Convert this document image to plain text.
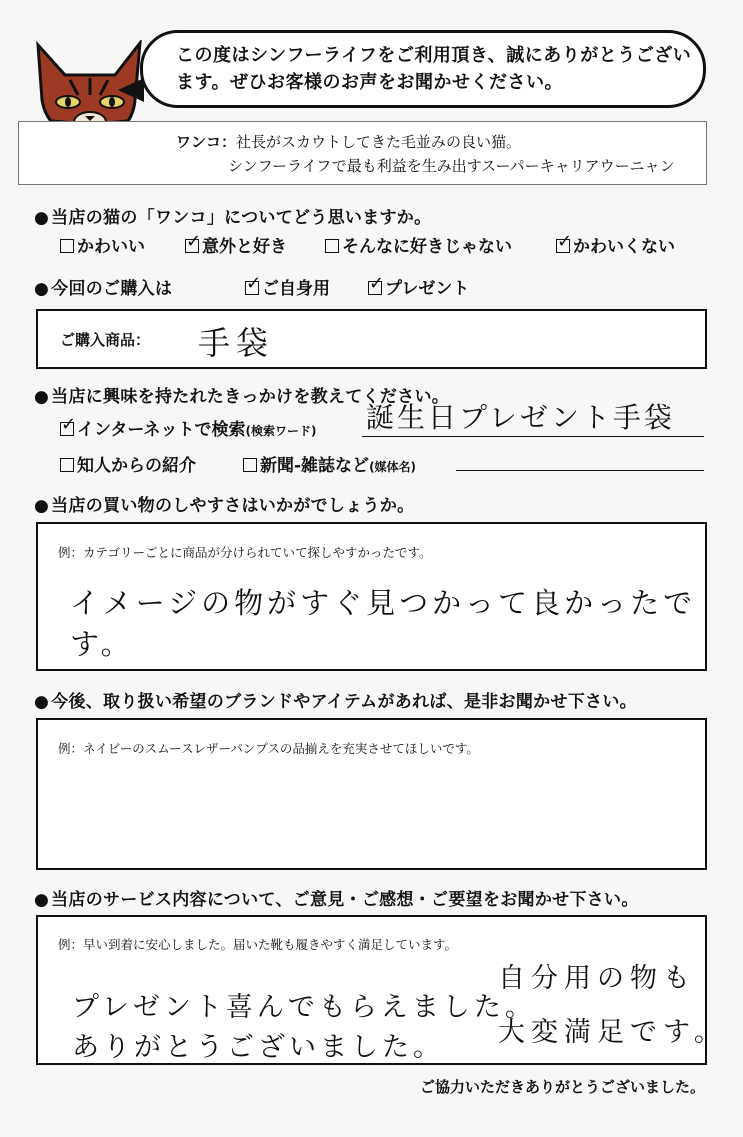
この度はシンフーライフをご利用頂き、誠にありがとうございます。ぜひお客様のお声をお聞かせください。
ワンコ：社長がスカウトしてきた毛並みの良い猫。
シンフーライフで最も利益を生み出すスーパーキャリアウーニャン
● 当店の猫の「ワンコ」についてどう思いますか。
かわいい ✓	意外と好き	そんなに好きじゃない ✓	かわいくない
● 今回のご購入は ✓	ご自身用 ✓	プレゼント
ご購入商品： 手袋
● 当店に興味を持たれたきっかけを教えてください。
✓インターネットで検索(検索ワード) 誕生日プレゼント手袋
知人からの紹介	新聞-雑誌など(媒体名)
● 当店の買い物のしやすさはいかがでしょうか。
例：カテゴリーごとに商品が分けられていて探しやすかったです。
イメージの物がすぐ見つかって良かったです。
● 今後、取り扱い希望のブランドやアイテムがあれば、是非お聞かせ下さい。
例：ネイビーのスムースレザーパンプスの品揃えを充実させてほしいです。
● 当店のサービス内容について、ご意見・ご感想・ご要望をお聞かせ下さい。
例：早い到着に安心しました。届いた靴も履きやすく満足しています。
プレゼント喜んでもらえました。
ありがとうございました。
自分用の物も
大変満足です。
ご協力いただきありがとうございました。
